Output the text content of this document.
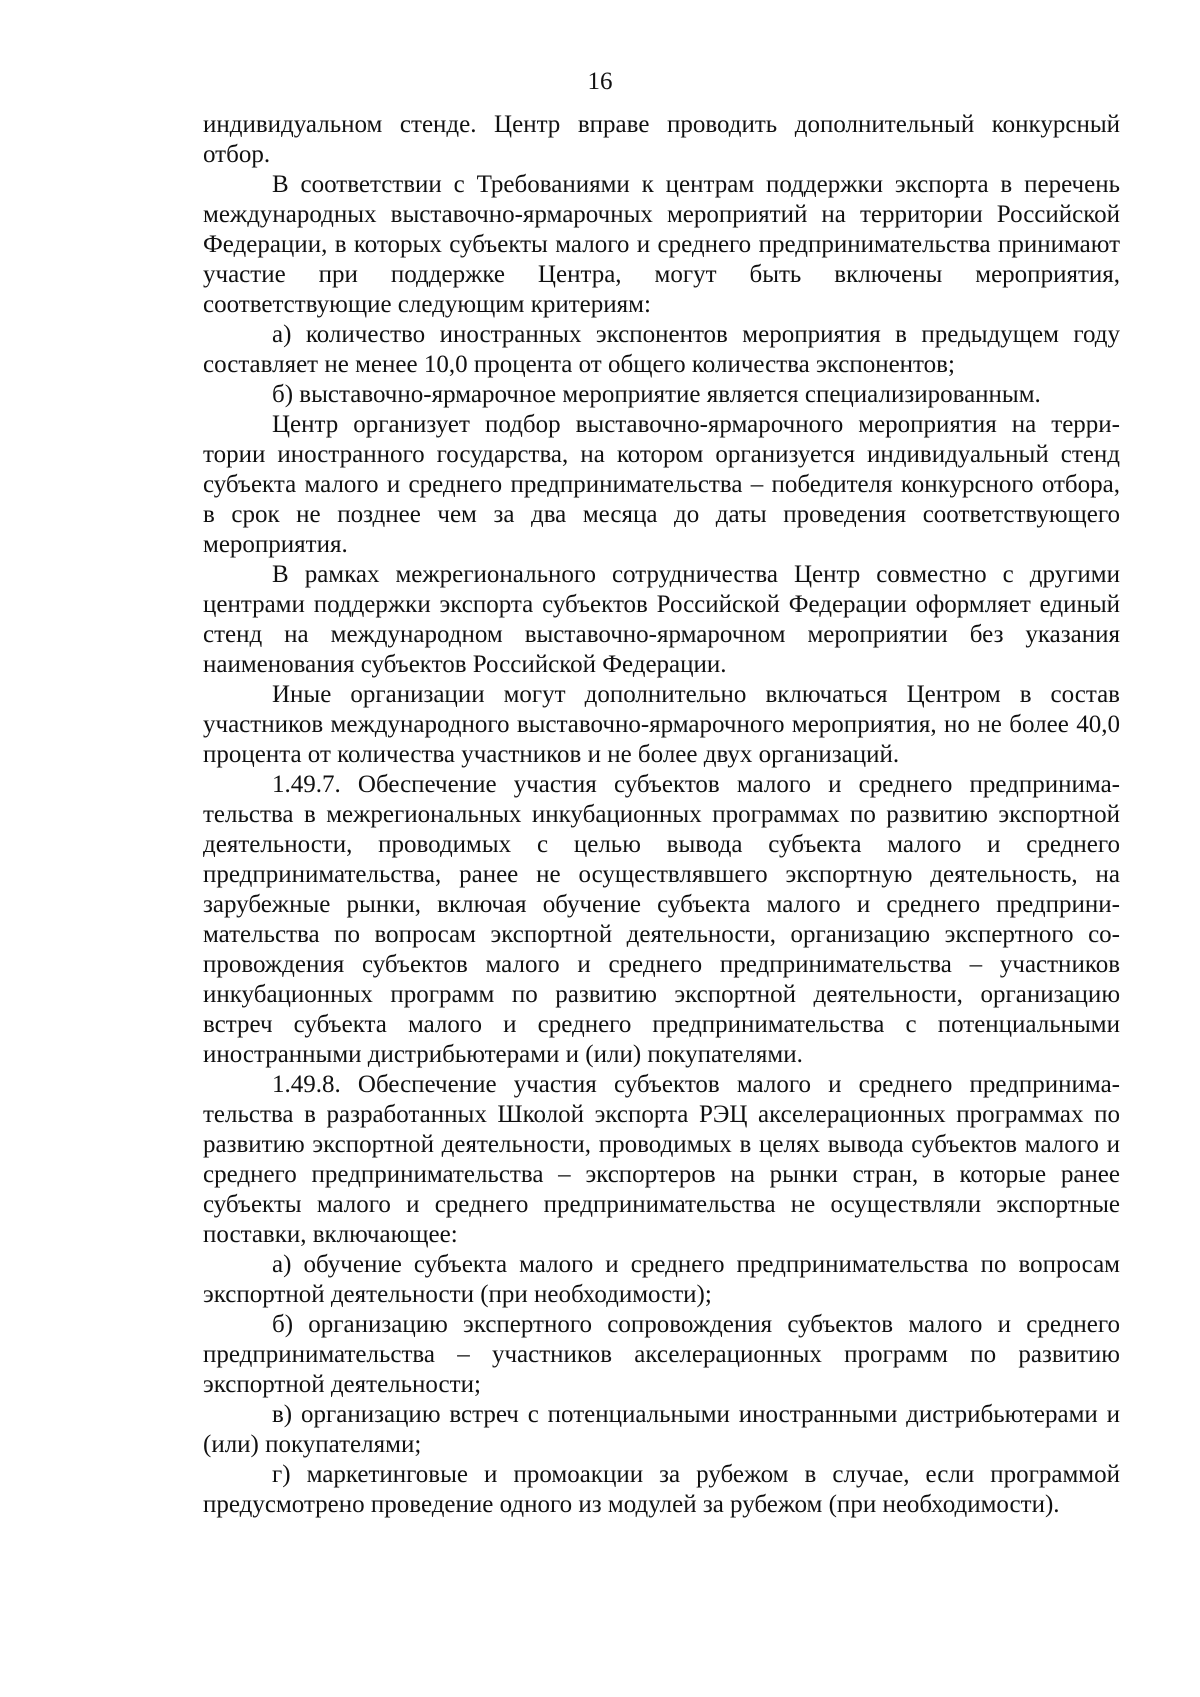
16

индивидуальном стенде. Центр вправе проводить дополнительный конкурсный отбор.

В соответствии с Требованиями к центрам поддержки экспорта в перечень международных выставочно-ярмарочных мероприятий на территории Российской Федерации, в которых субъекты малого и среднего предпринимательства принимают участие при поддержке Центра, могут быть включены мероприятия, соответствующие следующим критериям:

а) количество иностранных экспонентов мероприятия в предыдущем году составляет не менее 10,0 процента от общего количества экспонентов;

б) выставочно-ярмарочное мероприятие является специализированным.

Центр организует подбор выставочно-ярмарочного мероприятия на территории иностранного государства, на котором организуется индивидуальный стенд субъекта малого и среднего предпринимательства – победителя конкурсного отбора, в срок не позднее чем за два месяца до даты проведения соответствующего мероприятия.

В рамках межрегионального сотрудничества Центр совместно с другими центрами поддержки экспорта субъектов Российской Федерации оформляет единый стенд на международном выставочно-ярмарочном мероприятии без указания наименования субъектов Российской Федерации.

Иные организации могут дополнительно включаться Центром в состав участников международного выставочно-ярмарочного мероприятия, но не более 40,0 процента от количества участников и не более двух организаций.

1.49.7. Обеспечение участия субъектов малого и среднего предпринимательства в межрегиональных инкубационных программах по развитию экспортной деятельности, проводимых с целью вывода субъекта малого и среднего предпринимательства, ранее не осуществлявшего экспортную деятельность, на зарубежные рынки, включая обучение субъекта малого и среднего предпринимательства по вопросам экспортной деятельности, организацию экспертного сопровождения субъектов малого и среднего предпринимательства – участников инкубационных программ по развитию экспортной деятельности, организацию встреч субъекта малого и среднего предпринимательства с потенциальными иностранными дистрибьютерами и (или) покупателями.

1.49.8. Обеспечение участия субъектов малого и среднего предпринимательства в разработанных Школой экспорта РЭЦ акселерационных программах по развитию экспортной деятельности, проводимых в целях вывода субъектов малого и среднего предпринимательства – экспортеров на рынки стран, в которые ранее субъекты малого и среднего предпринимательства не осуществляли экспортные поставки, включающее:

а) обучение субъекта малого и среднего предпринимательства по вопросам экспортной деятельности (при необходимости);

б) организацию экспертного сопровождения субъектов малого и среднего предпринимательства – участников акселерационных программ по развитию экспортной деятельности;

в) организацию встреч с потенциальными иностранными дистрибьютерами и (или) покупателями;

г) маркетинговые и промоакции за рубежом в случае, если программой предусмотрено проведение одного из модулей за рубежом (при необходимости).
